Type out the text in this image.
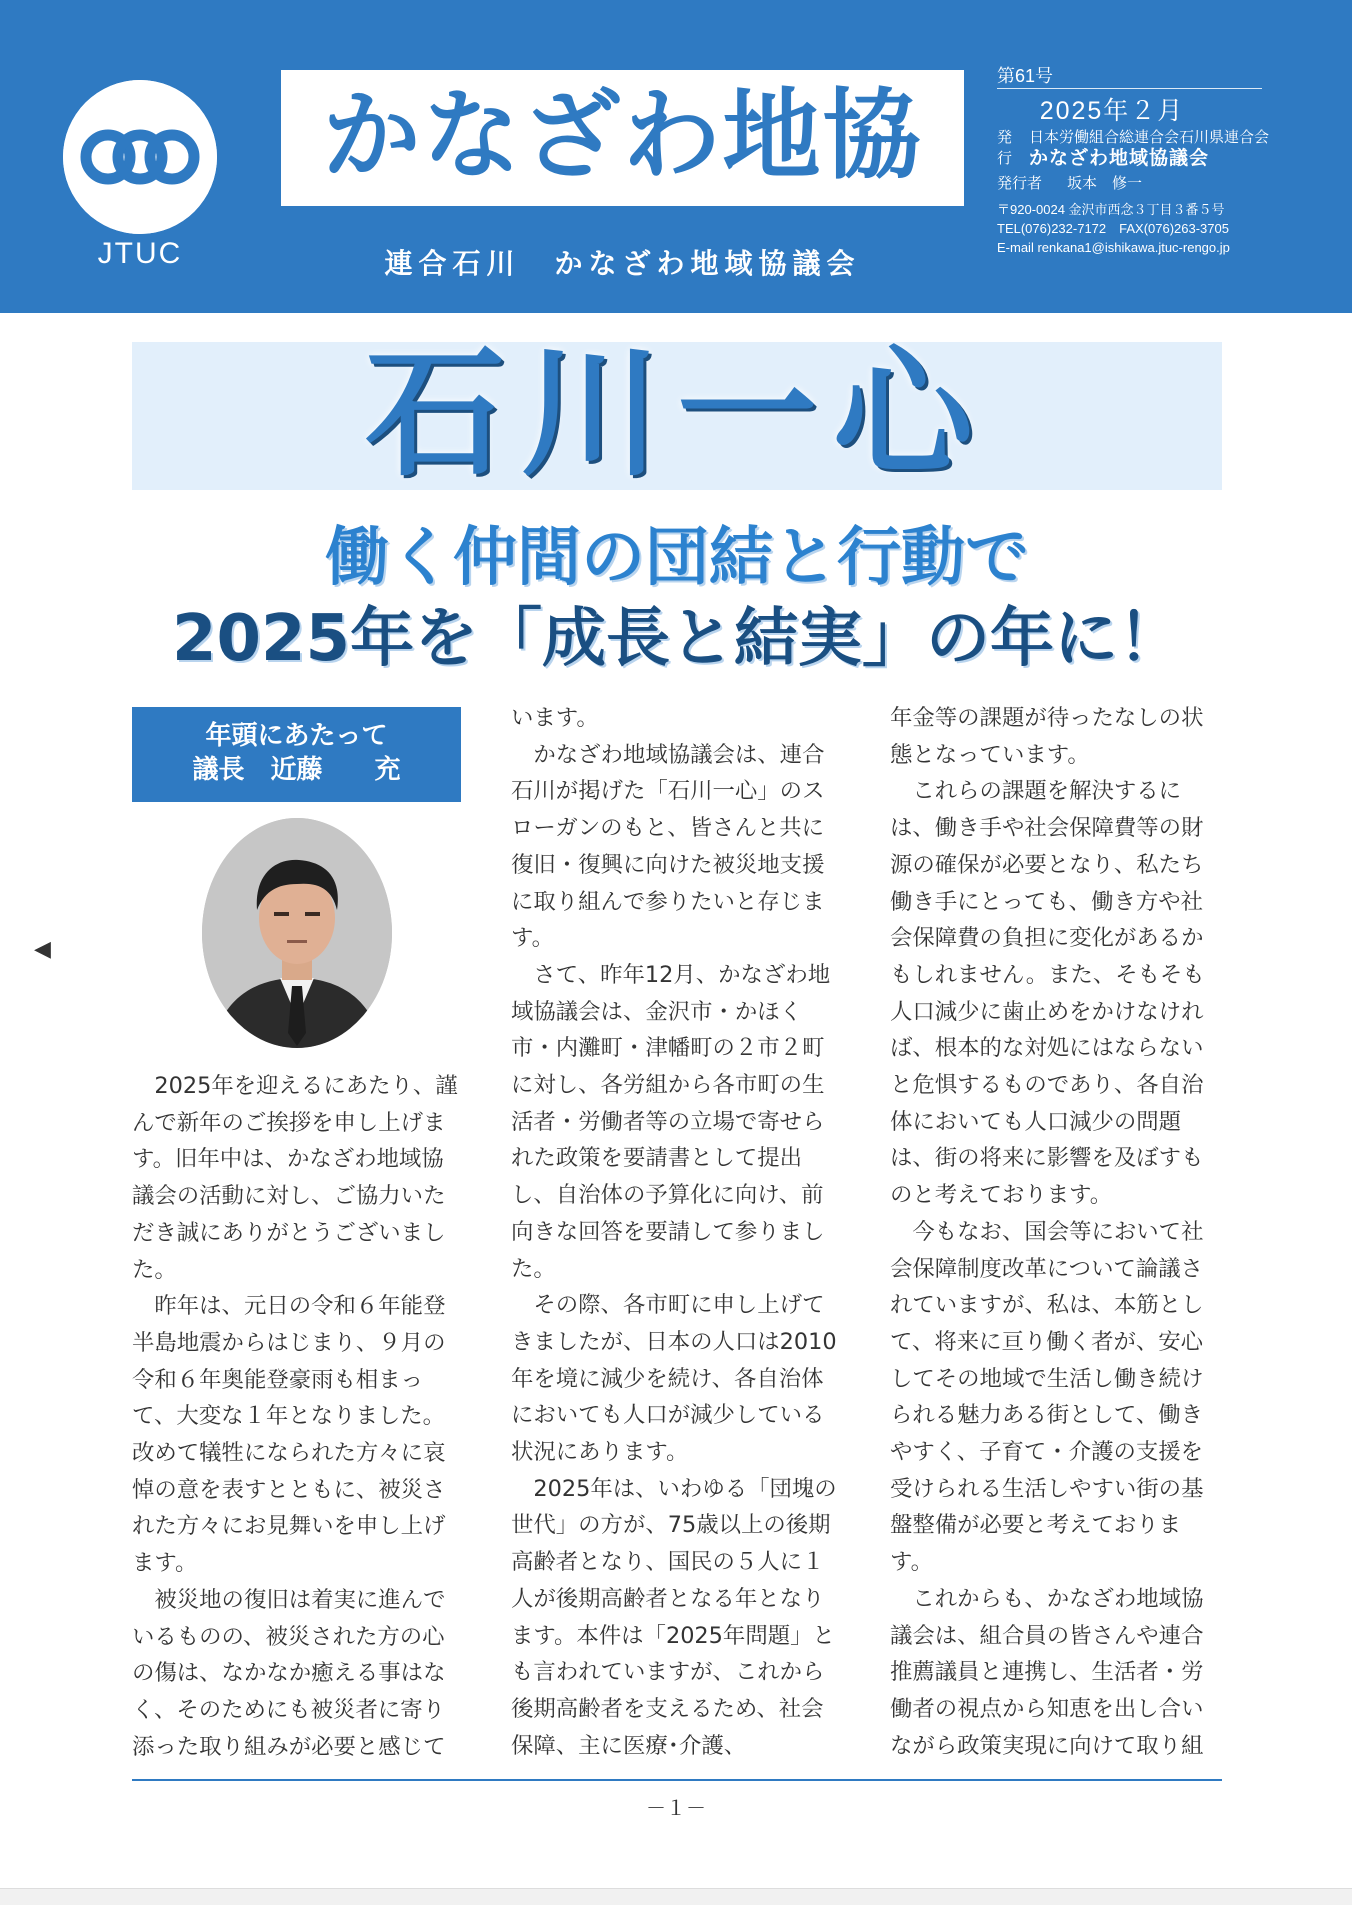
JTUC
かなざわ地協
連合石川　かなざわ地域協議会
第61号
2025年２月
発	日本労働組合総連合会石川県連合会
行 かなざわ地域協議会
発行者	坂本　修一
〒920-0024 金沢市西念３丁目３番５号
TEL(076)232-7172　FAX(076)263-3705
E-mail renkana1@ishikawa.jtuc-rengo.jp
石川一心
働く仲間の団結と行動で
2025年を「成長と結実」の年に！
年頭にあたって
議長　近藤　　充
◀

　2025年を迎えるにあたり、謹んで新年のご挨拶を申し上げます。旧年中は、かなざわ地域協議会の活動に対し、ご協力いただき誠にありがとうございました。

　昨年は、元日の令和６年能登半島地震からはじまり、９月の令和６年奥能登豪雨も相まって、大変な１年となりました。改めて犠牲になられた方々に哀悼の意を表すとともに、被災された方々にお見舞いを申し上げます。

　被災地の復旧は着実に進んでいるものの、被災された方の心の傷は、なかなか癒える事はなく、そのためにも被災者に寄り添った取り組みが必要と感じて

います。

　かなざわ地域協議会は、連合石川が掲げた「石川一心」のスローガンのもと、皆さんと共に復旧・復興に向けた被災地支援に取り組んで参りたいと存じます。

　さて、昨年12月、かなざわ地域協議会は、金沢市・かほく市・内灘町・津幡町の２市２町に対し、各労組から各市町の生活者・労働者等の立場で寄せられた政策を要請書として提出し、自治体の予算化に向け、前向きな回答を要請して参りました。

　その際、各市町に申し上げてきましたが、日本の人口は2010年を境に減少を続け、各自治体においても人口が減少している状況にあります。

　2025年は、いわゆる「団塊の世代」の方が、75歳以上の後期高齢者となり、国民の５人に１人が後期高齢者となる年となります。本件は「2025年問題」とも言われていますが、これから後期高齢者を支えるため、社会保障、主に医療･介護、

年金等の課題が待ったなしの状態となっています。

　これらの課題を解決するには、働き手や社会保障費等の財源の確保が必要となり、私たち働き手にとっても、働き方や社会保障費の負担に変化があるかもしれません。また、そもそも人口減少に歯止めをかけなければ、根本的な対処にはならないと危惧するものであり、各自治体においても人口減少の問題は、街の将来に影響を及ぼすものと考えております。

　今もなお、国会等において社会保障制度改革について論議されていますが、私は、本筋として、将来に亘り働く者が、安心してその地域で生活し働き続けられる魅力ある街として、働きやすく、子育て・介護の支援を受けられる生活しやすい街の基盤整備が必要と考えております。

　これからも、かなざわ地域協議会は、組合員の皆さんや連合推薦議員と連携し、生活者・労働者の視点から知恵を出し合いながら政策実現に向けて取り組

－１－
